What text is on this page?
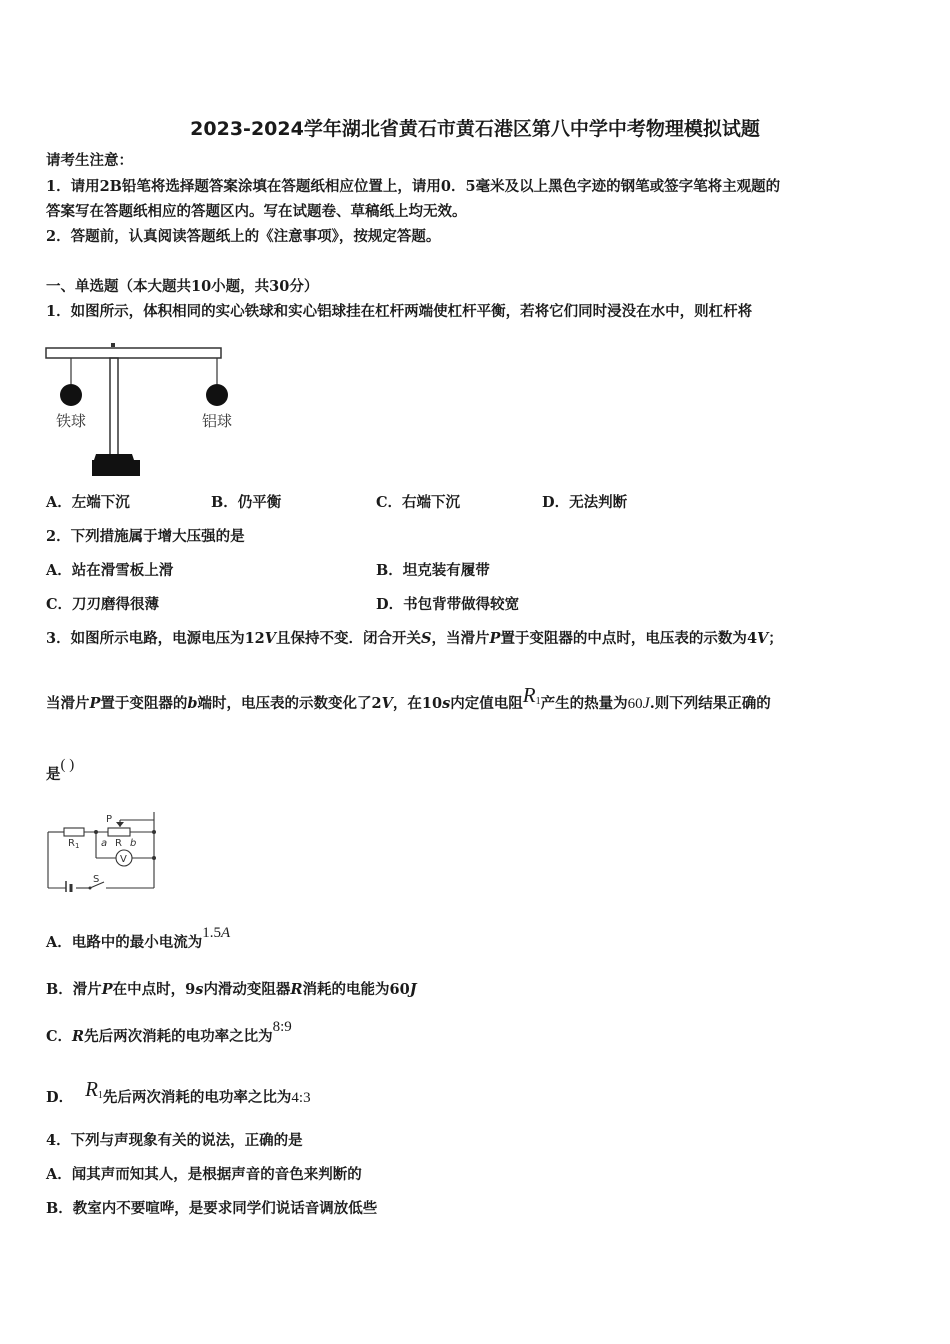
2023-2024学年湖北省黄石市黄石港区第八中学中考物理模拟试题
请考生注意：
1．请用2B铅笔将选择题答案涂填在答题纸相应位置上，请用0．5毫米及以上黑色字迹的钢笔或签字笔将主观题的
答案写在答题纸相应的答题区内。写在试题卷、草稿纸上均无效。
2．答题前，认真阅读答题纸上的《注意事项》，按规定答题。
一、单选题（本大题共10小题，共30分）
1．如图所示，体积相同的实心铁球和实心铝球挂在杠杆两端使杠杆平衡，若将它们同时浸没在水中，则杠杆将
铁球	铝球
A．左端下沉	B．仍平衡	C．右端下沉	D．无法判断
2．下列措施属于增大压强的是
A．站在滑雪板上滑	B．坦克装有履带
C．刀刃磨得很薄	D．书包背带做得较宽
3．如图所示电路，电源电压为12V且保持不变．闭合开关S，当滑片P置于变阻器的中点时，电压表的示数为4V；
当滑片P置于变阻器的b端时，电压表的示数变化了2V，在10s内定值电阻$R_1$产生的热量为60J.则下列结果正确的
是( )
P
$R_1$ a R b
V
S
A．电路中的最小电流为1.5A
B．滑片P在中点时，9s内滑动变阻器R消耗的电能为60J
C．R先后两次消耗的电功率之比为8:9
D． $R_1$先后两次消耗的电功率之比为4:3
4．下列与声现象有关的说法，正确的是
A．闻其声而知其人，是根据声音的音色来判断的
B．教室内不要喧哗，是要求同学们说话音调放低些
